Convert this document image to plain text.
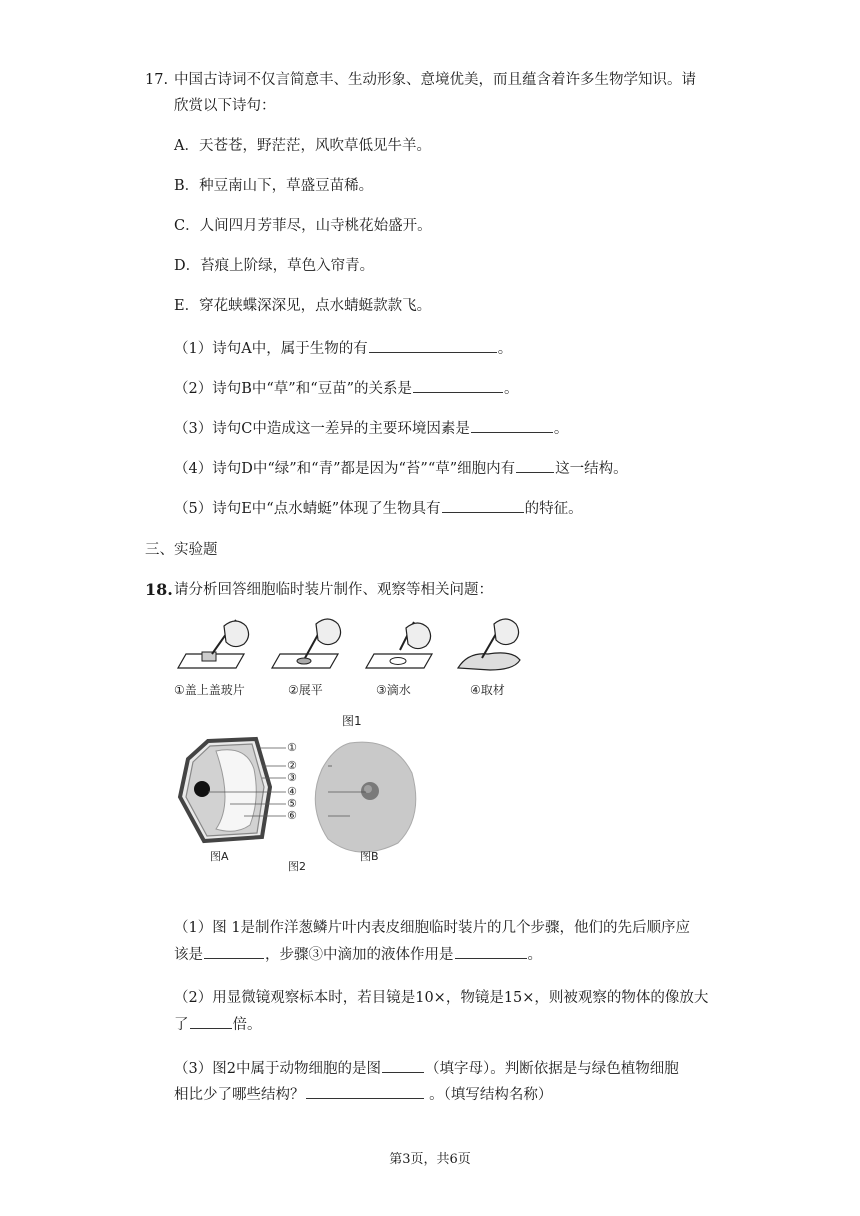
17. 中国古诗词不仅言简意丰、生动形象、意境优美，而且蕴含着许多生物学知识。请
欣赏以下诗句：
A．天苍苍，野茫茫，风吹草低见牛羊。
B．种豆南山下，草盛豆苗稀。
C．人间四月芳菲尽，山寺桃花始盛开。
D．苔痕上阶绿，草色入帘青。
E．穿花蛱蝶深深见，点水蜻蜓款款飞。
（1）诗句A中，属于生物的有	。
（2）诗句B中“草”和“豆苗”的关系是	。
（3）诗句C中造成这一差异的主要环境因素是	。
（4）诗句D中“绿”和“青”都是因为“苔”“草”细胞内有	这一结构。
（5）诗句E中“点水蜻蜓”体现了生物具有	的特征。
三、实验题
18. 请分析回答细胞临时装片制作、观察等相关问题：
①盖上盖玻片	②展平	③滴水	④取材
图1
①
②
③
④
⑤
⑥
图A
图2
图B
（1）图 1是制作洋葱鳞片叶内表皮细胞临时装片的几个步骤，他们的先后顺序应
该是	，步骤③中滴加的液体作用是	。
（2）用显微镜观察标本时，若目镜是10×，物镜是15×，则被观察的物体的像放大
了	倍。
（3）图2中属于动物细胞的是图	（填字母）。判断依据是与绿色植物细胞
相比少了哪些结构？	。（填写结构名称）
第3页，共6页
